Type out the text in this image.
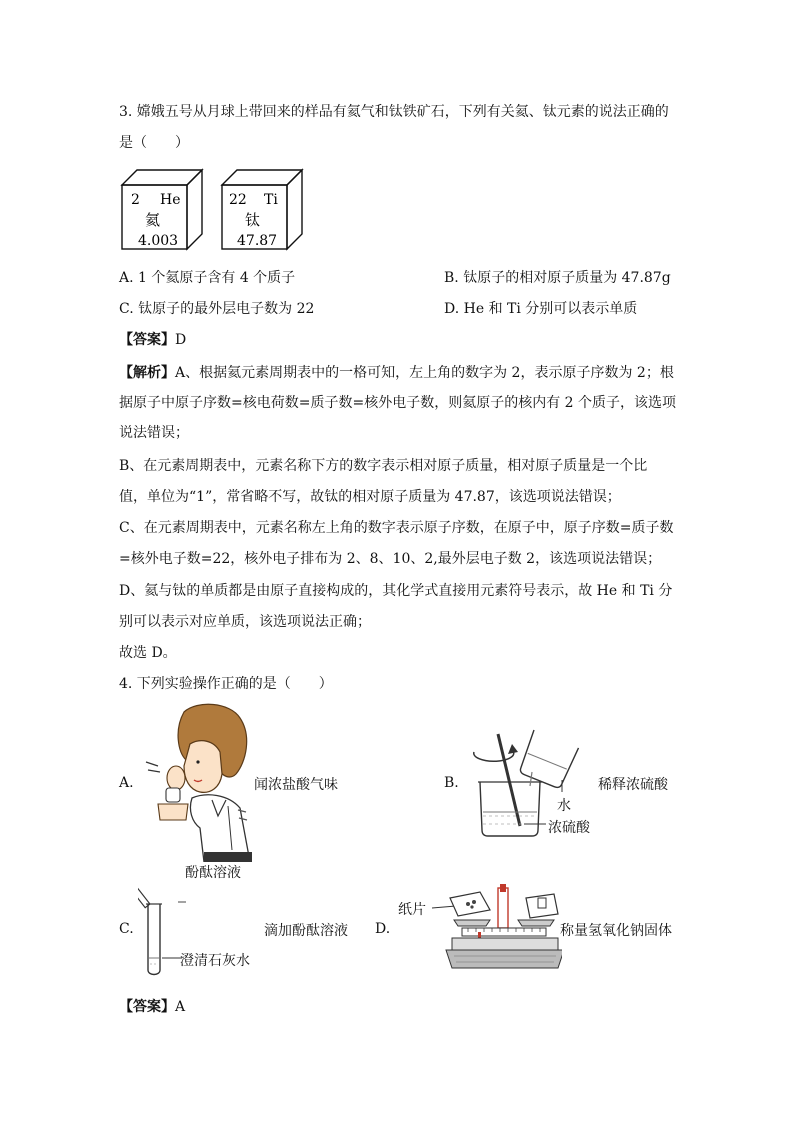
3. 嫦娥五号从月球上带回来的样品有氦气和钛铁矿石，下列有关氦、钛元素的说法正确的
是（　　）
2 He
氦
4.003
22 Ti
钛
47.87
A. 1 个氦原子含有 4 个质子	B. 钛原子的相对原子质量为 47.87g
C. 钛原子的最外层电子数为 22	D. He 和 Ti 分别可以表示单质
【答案】D
【解析】A、根据氦元素周期表中的一格可知，左上角的数字为 2，表示原子序数为 2；根
据原子中原子序数=核电荷数=质子数=核外电子数，则氦原子的核内有 2 个质子，该选项
说法错误；
B、在元素周期表中，元素名称下方的数字表示相对原子质量，相对原子质量是一个比
值，单位为“1”，常省略不写，故钛的相对原子质量为 47.87，该选项说法错误；
C、在元素周期表中，元素名称左上角的数字表示原子序数，在原子中，原子序数=质子数
=核外电子数=22，核外电子排布为 2、8、10、2,最外层电子数 2，该选项说法错误；
D、氦与钛的单质都是由原子直接构成的，其化学式直接用元素符号表示，故 He 和 Ti 分
别可以表示对应单质，该选项说法正确；
故选 D。
4. 下列实验操作正确的是（　　）
A.	闻浓盐酸气味	B.	稀释浓硫酸
水
浓硫酸
C.
酚酞溶液
澄清石灰水
滴加酚酞溶液 D.
纸片
称量氢氧化钠固体
【答案】A
